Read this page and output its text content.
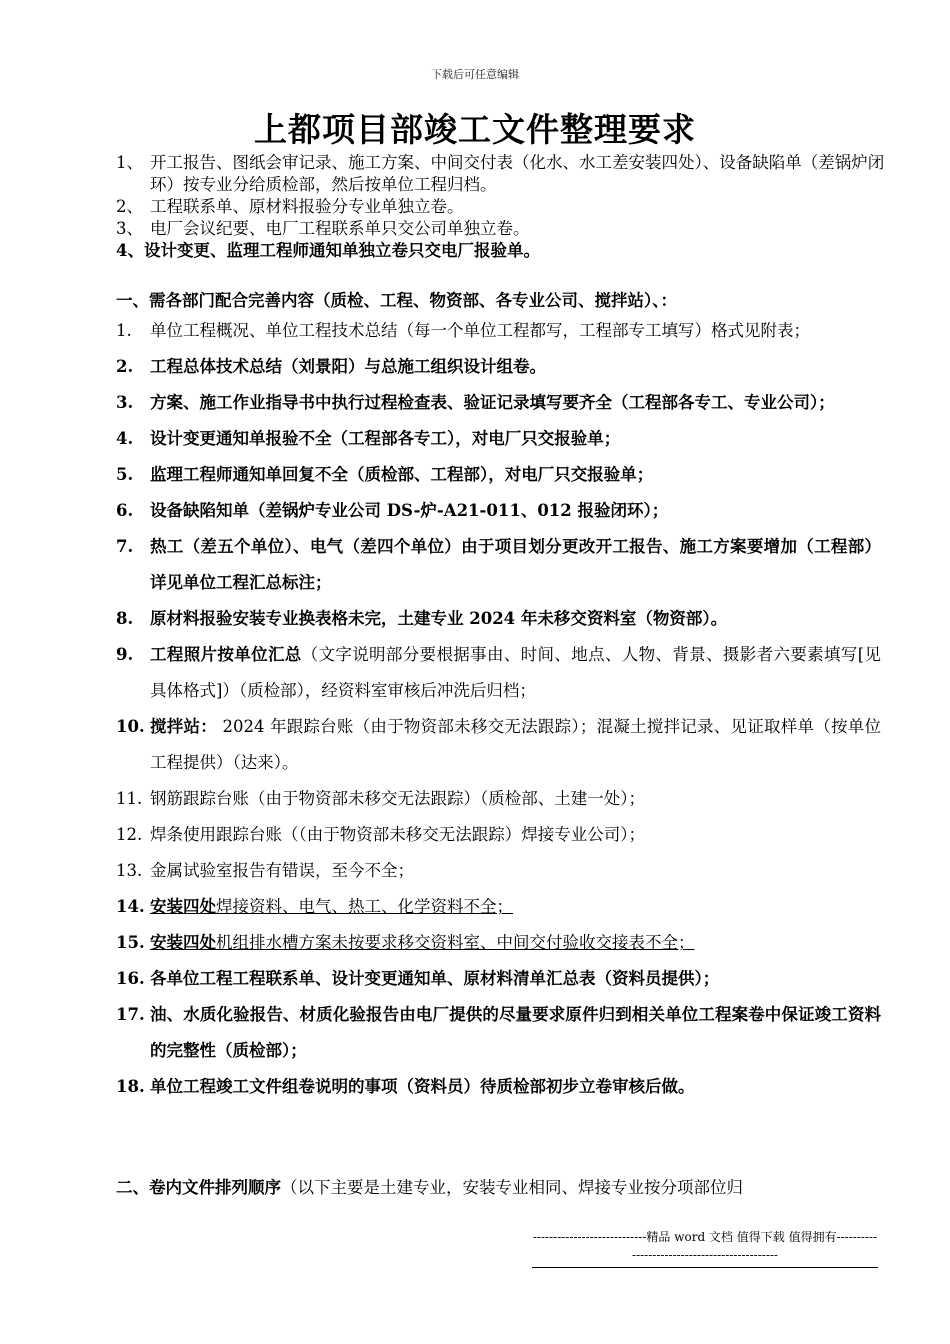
下载后可任意编辑
上都项目部竣工文件整理要求
1、 开工报告、图纸会审记录、施工方案、中间交付表（化水、水工差安装四处）、设备缺陷单（差锅炉闭环）按专业分给质检部，然后按单位工程归档。
2、 工程联系单、原材料报验分专业单独立卷。
3、 电厂会议纪要、电厂工程联系单只交公司单独立卷。
4、设计变更、监理工程师通知单独立卷只交电厂报验单。
一、需各部门配合完善内容（质检、工程、物资部、各专业公司、搅拌站）、：
1.	单位工程概况、单位工程技术总结（每一个单位工程都写，工程部专工填写）格式见附表；
2.	工程总体技术总结（刘景阳）与总施工组织设计组卷。
3.	方案、施工作业指导书中执行过程检查表、验证记录填写要齐全（工程部各专工、专业公司）；
4.	设计变更通知单报验不全（工程部各专工），对电厂只交报验单；
5.	监理工程师通知单回复不全（质检部、工程部），对电厂只交报验单；
6.	设备缺陷知单（差锅炉专业公司 DS-炉-A21-011、012 报验闭环）；
7.	热工（差五个单位）、电气（差四个单位）由于项目划分更改开工报告、施工方案要增加（工程部）详见单位工程汇总标注；
8.	原材料报验安装专业换表格未完，土建专业 2024 年未移交资料室（物资部）。
9.	工程照片按单位汇总（文字说明部分要根据事由、时间、地点、人物、背景、摄影者六要素填写[见具体格式]）（质检部），经资料室审核后冲洗后归档；
10. 搅拌站： 2024 年跟踪台账（由于物资部未移交无法跟踪）；混凝土搅拌记录、见证取样单（按单位工程提供）（达来）。
11. 钢筋跟踪台账（由于物资部未移交无法跟踪）（质检部、土建一处）；
12. 焊条使用跟踪台账（（由于物资部未移交无法跟踪）焊接专业公司）；
13. 金属试验室报告有错误，至今不全；
14. 安装四处焊接资料、电气、热工、化学资料不全；
15. 安装四处机组排水槽方案未按要求移交资料室、中间交付验收交接表不全；
16. 各单位工程工程联系单、设计变更通知单、原材料清单汇总表（资料员提供）；
17. 油、水质化验报告、材质化验报告由电厂提供的尽量要求原件归到相关单位工程案卷中保证竣工资料的完整性（质检部）；
18. 单位工程竣工文件组卷说明的事项（资料员）待质检部初步立卷审核后做。
二、卷内文件排列顺序（以下主要是土建专业，安装专业相同、焊接专业按分项部位归
----------------------------精品 word 文档 值得下载 值得拥有----------------------------------------------
